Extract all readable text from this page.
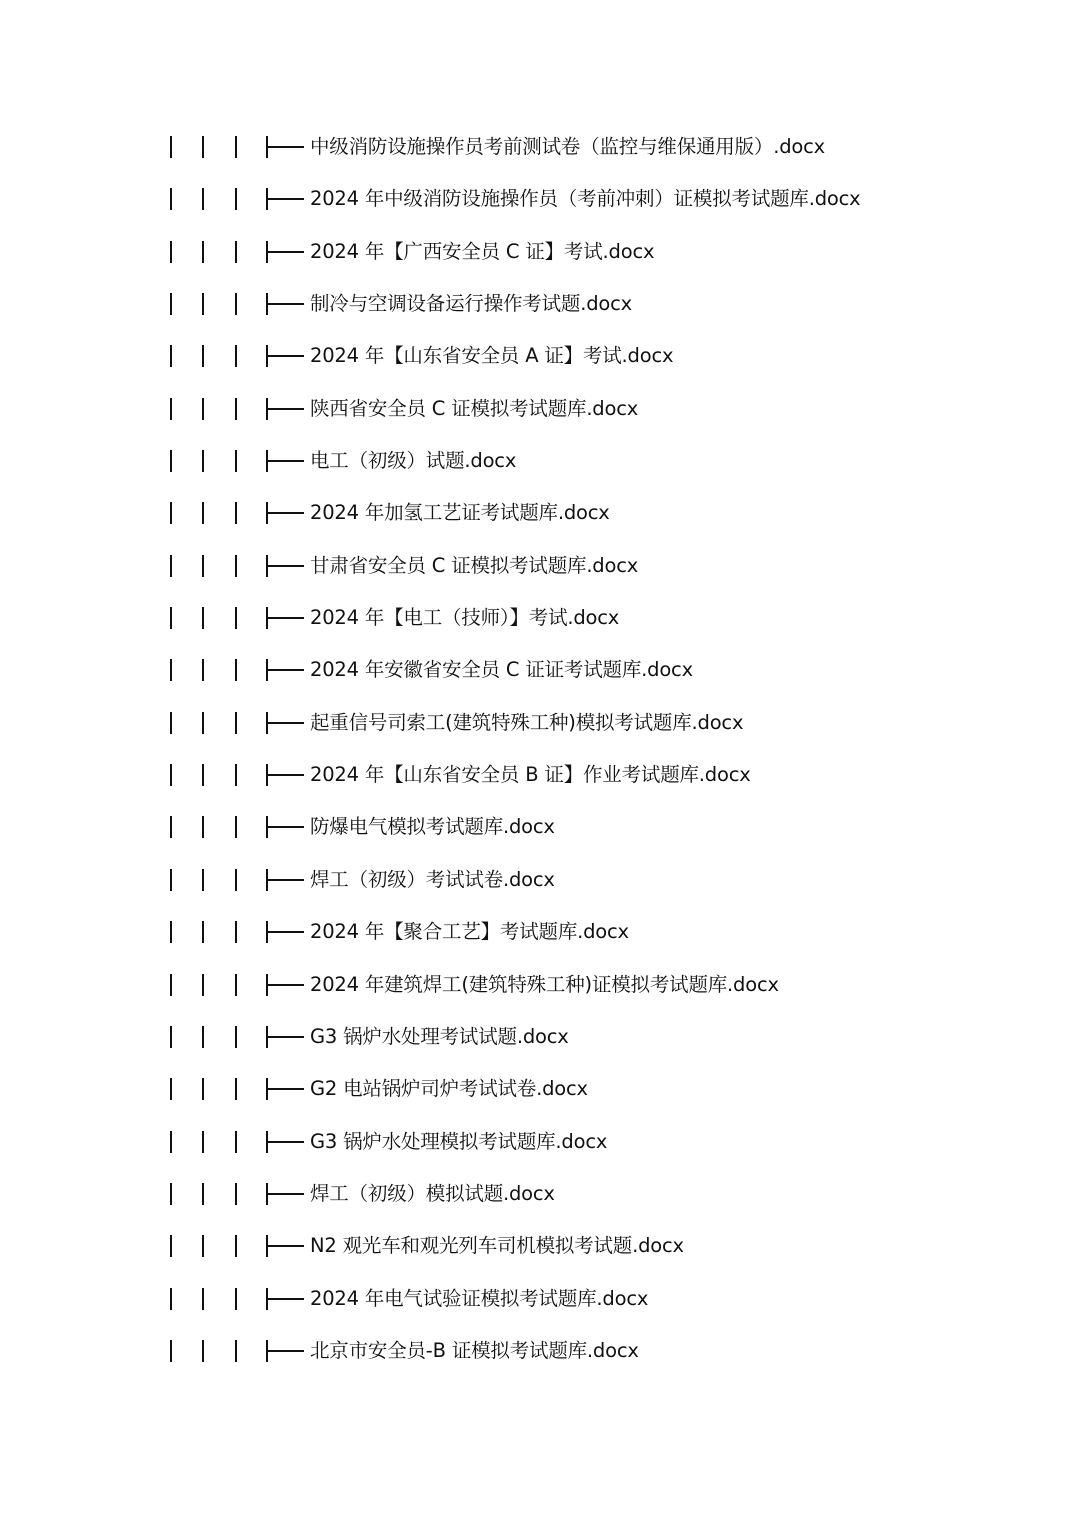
中级消防设施操作员考前测试卷（监控与维保通用版）.docx
2024 年中级消防设施操作员（考前冲刺）证模拟考试题库.docx
2024 年【广西安全员 C 证】考试.docx
制冷与空调设备运行操作考试题.docx
2024 年【山东省安全员 A 证】考试.docx
陕西省安全员 C 证模拟考试题库.docx
电工（初级）试题.docx
2024 年加氢工艺证考试题库.docx
甘肃省安全员 C 证模拟考试题库.docx
2024 年【电工（技师）】考试.docx
2024 年安徽省安全员 C 证证考试题库.docx
起重信号司索工(建筑特殊工种)模拟考试题库.docx
2024 年【山东省安全员 B 证】作业考试题库.docx
防爆电气模拟考试题库.docx
焊工（初级）考试试卷.docx
2024 年【聚合工艺】考试题库.docx
2024 年建筑焊工(建筑特殊工种)证模拟考试题库.docx
G3 锅炉水处理考试试题.docx
G2 电站锅炉司炉考试试卷.docx
G3 锅炉水处理模拟考试题库.docx
焊工（初级）模拟试题.docx
N2 观光车和观光列车司机模拟考试题.docx
2024 年电气试验证模拟考试题库.docx
北京市安全员-B 证模拟考试题库.docx
